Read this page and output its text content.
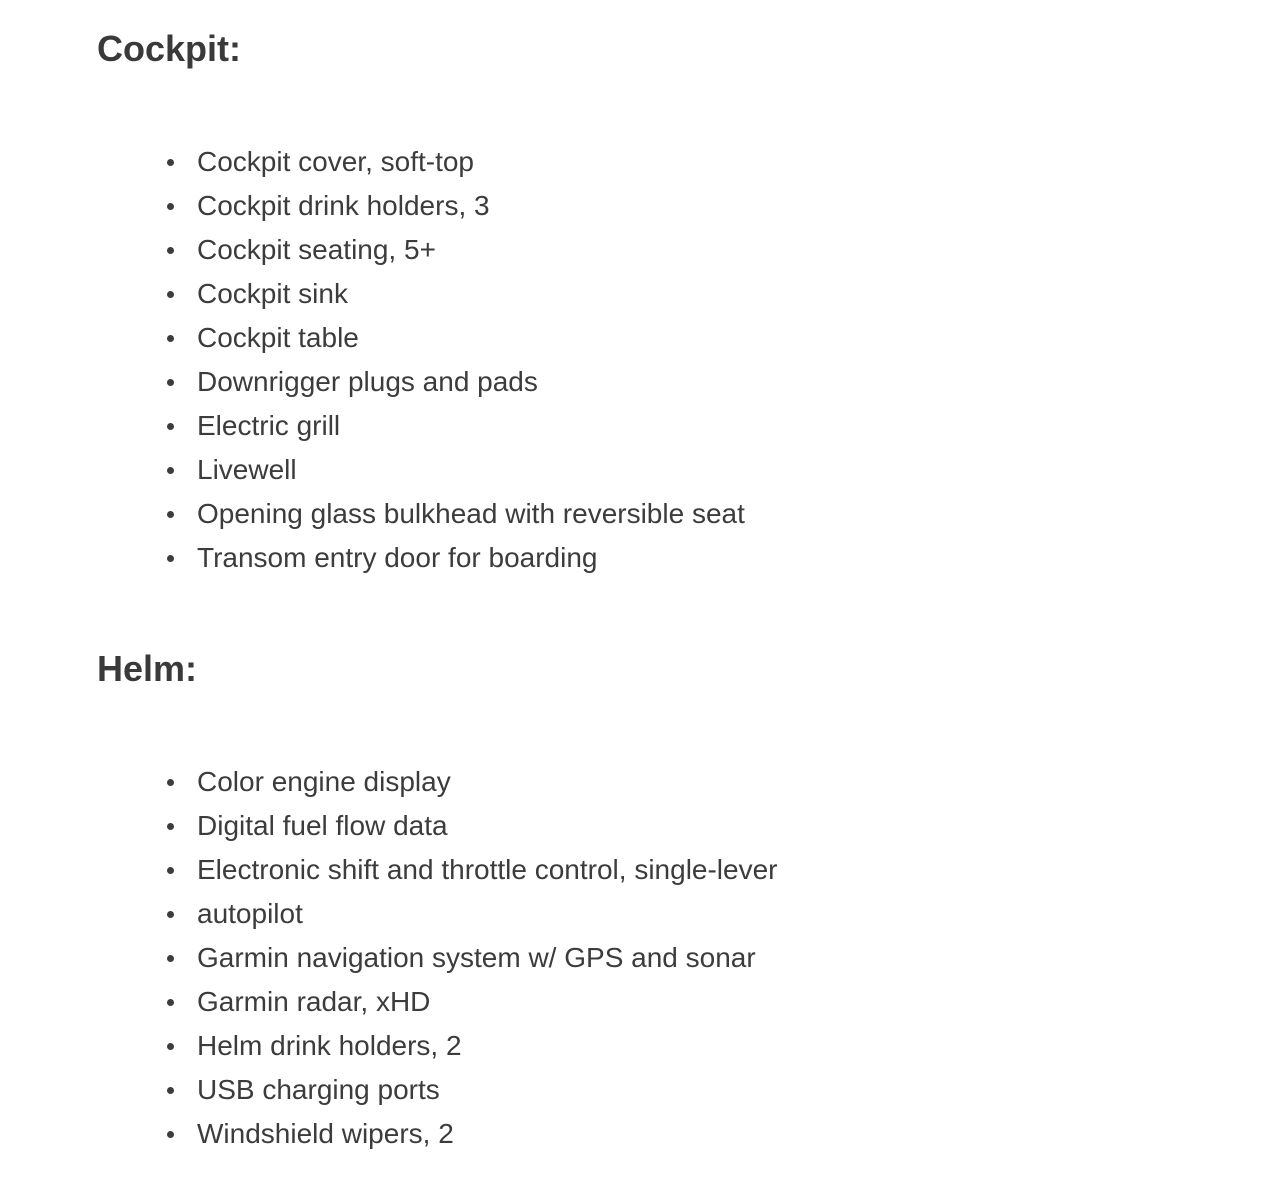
Cockpit:
Cockpit cover, soft-top
Cockpit drink holders, 3
Cockpit seating, 5+
Cockpit sink
Cockpit table
Downrigger plugs and pads
Electric grill
Livewell
Opening glass bulkhead with reversible seat
Transom entry door for boarding
Helm:
Color engine display
Digital fuel flow data
Electronic shift and throttle control, single-lever
autopilot
Garmin navigation system w/ GPS and sonar
Garmin radar, xHD
Helm drink holders, 2
USB charging ports
Windshield wipers, 2
